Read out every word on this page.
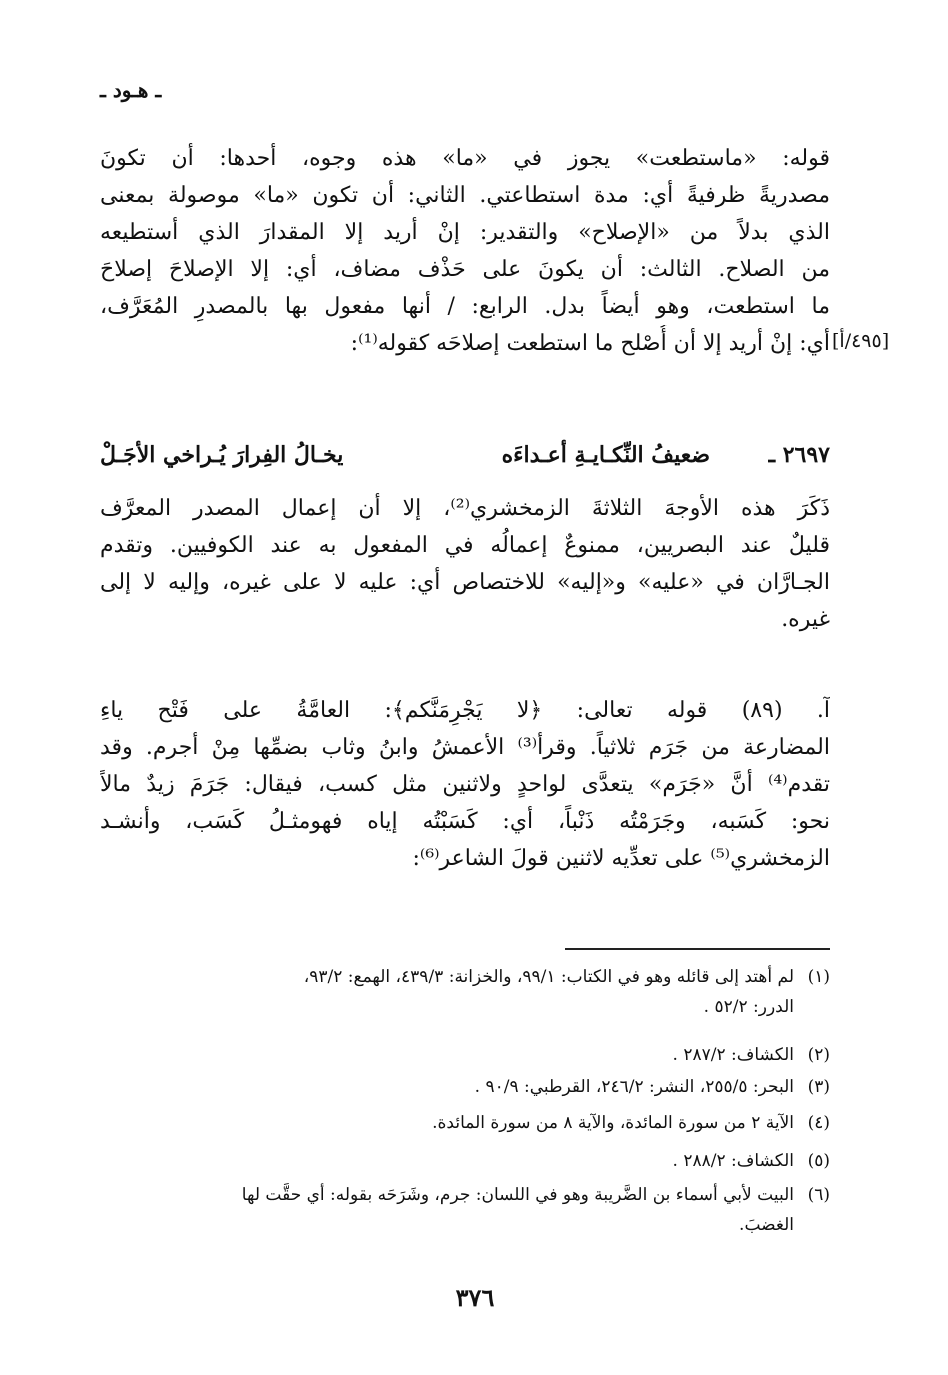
ـ هـود ـ
[٤٩٥/أ]
قوله: «ماستطعت» يجوز في «ما» هذه وجوه، أحدها: أن تكونَ
مصدريةً ظرفيةً أي: مدة استطاعتي. الثاني: أن تكون «ما» موصولة بمعنى
الذي بدلاً من «الإصلاح» والتقدير: إنْ أريد إلا المقدارَ الذي أستطيعه
من الصلاح. الثالث: أن يكونَ على حَذْف مضاف، أي: إلا الإصلاحَ إصلاحَ
ما استطعت، وهو أيضاً بدل. الرابع: / أنها مفعول بها بالمصدرِ المُعَرَّف،
أي: إنْ أريد إلا أن أُصْلح ما استطعت إصلاحَه كقوله⁽¹⁾:
٢٦٩٧ ـ
ضعيفُ النِّكـايـةِ أعـداءَه
يخـالُ الفِرارَ يُـراخي الأجَـلْ
ذَكَرَ هذه الأوجهَ الثلاثةَ الزمخشري⁽²⁾، إلا أن إعمال المصدر المعرَّف
قليلٌ عند البصريين، ممنوعٌ إعمالُه في المفعول به عند الكوفيين. وتقدم
الجـارَّان في «عليه» و«إليه» للاختصاص أي: عليه لا على غيره، وإليه لا إلى
غيره.
آ. (٨٩) قوله تعالى: ﴿لا يَجْرِمَنَّكم﴾: العامَّةُ على فَتْح ياءِ
المضارعة من جَرَم ثلاثياً. وقرأ⁽³⁾ الأعمشُ وابنُ وثاب بضمِّها مِنْ أجرم. وقد
تقدم⁽⁴⁾ أنَّ «جَرَم» يتعدَّى لواحدٍ ولاثنين مثل كسب، فيقال: جَرَمَ زيدٌ مالاً
نحو: كَسَبه، وجَرَمْتُه ذَنْباً، أي: كَسَبْتُه إياه فهومثـلُ كَسَب، وأنشـد
الزمخشري⁽⁵⁾ على تعدِّيه لاثنين قولَ الشاعر⁽⁶⁾:
(١)لم أهتد إلى قائله وهو في الكتاب: ٩٩/١، والخزانة: ٤٣٩/٣، الهمع: ٩٣/٢،
الدرر: ٥٢/٢ .
(٢)الكشاف: ٢٨٧/٢ .
(٣)البحر: ٢٥٥/٥، النشر: ٢٤٦/٢، القرطبي: ٩٠/٩ .
(٤)الآية ٢ من سورة المائدة، والآية ٨ من سورة المائدة.
(٥)الكشاف: ٢٨٨/٢ .
(٦)البيت لأبي أسماء بن الضَّريبة وهو في اللسان: جرم، وشَرَحَه بقوله: أي حقَّت لها
الغضبَ.
٣٧٦
